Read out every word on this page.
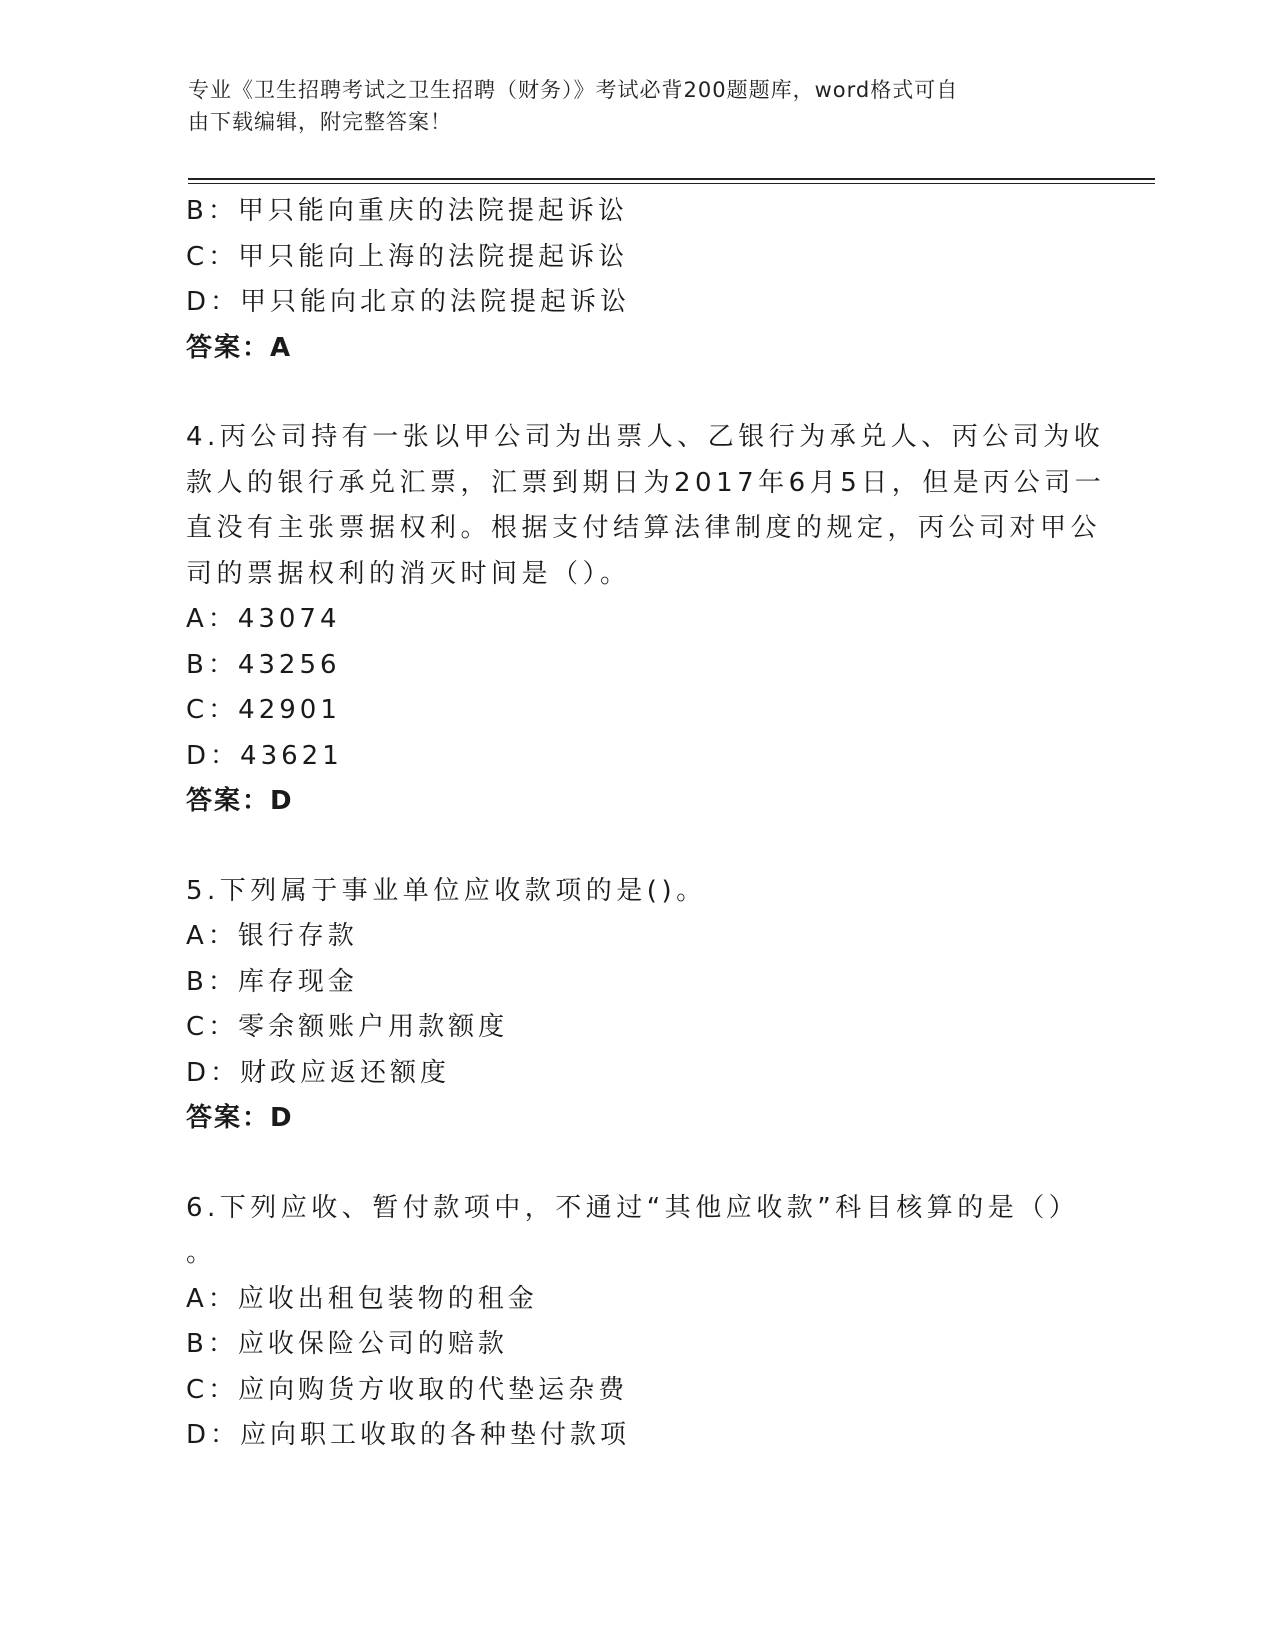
专业《卫生招聘考试之卫生招聘（财务）》考试必背200题题库，word格式可自
由下载编辑，附完整答案！
B：甲只能向重庆的法院提起诉讼
C：甲只能向上海的法院提起诉讼
D：甲只能向北京的法院提起诉讼
答案：A
4.丙公司持有一张以甲公司为出票人、乙银行为承兑人、丙公司为收
款人的银行承兑汇票，汇票到期日为2017年6月5日，但是丙公司一
直没有主张票据权利。根据支付结算法律制度的规定，丙公司对甲公
司的票据权利的消灭时间是（）。
A：43074
B：43256
C：42901
D：43621
答案：D
5.下列属于事业单位应收款项的是()。
A：银行存款
B：库存现金
C：零余额账户用款额度
D：财政应返还额度
答案：D
6.下列应收、暂付款项中，不通过“其他应收款”科目核算的是（）
。
A：应收出租包装物的租金
B：应收保险公司的赔款
C：应向购货方收取的代垫运杂费
D：应向职工收取的各种垫付款项
